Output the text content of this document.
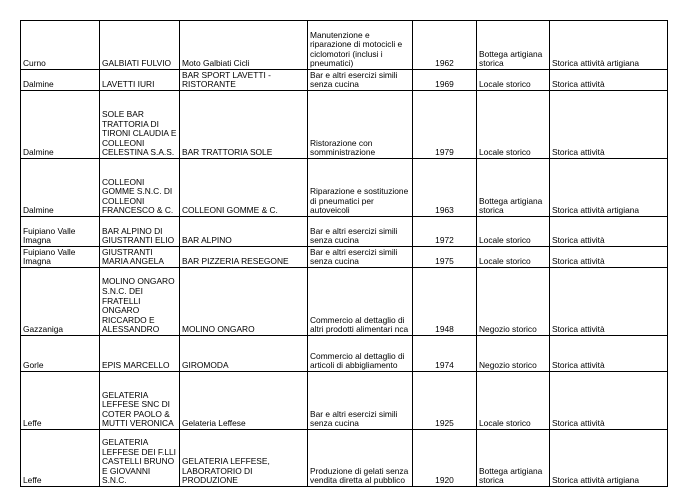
Curno	GALBIATI FULVIO	Moto Galbiati Cicli	Manutenzione e riparazione di motocicli e ciclomotori (inclusi i pneumatici)	1962	Bottega artigiana storica	Storica attività artigiana
Dalmine	LAVETTI IURI	BAR SPORT LAVETTI - RISTORANTE	Bar e altri esercizi simili senza cucina	1969	Locale storico	Storica attività
Dalmine	SOLE BAR TRATTORIA DI TIRONI CLAUDIA E COLLEONI CELESTINA S.A.S.	BAR TRATTORIA SOLE	Ristorazione con somministrazione	1979	Locale storico	Storica attività
Dalmine	COLLEONI GOMME S.N.C. DI COLLEONI FRANCESCO & C.	COLLEONI GOMME & C.	Riparazione e sostituzione di pneumatici per autoveicoli	1963	Bottega artigiana storica	Storica attività artigiana
Fuipiano Valle Imagna	BAR ALPINO DI GIUSTRANTI ELIO	BAR ALPINO	Bar e altri esercizi simili senza cucina	1972	Locale storico	Storica attività
Fuipiano Valle Imagna	GIUSTRANTI MARIA ANGELA	BAR PIZZERIA RESEGONE	Bar e altri esercizi simili senza cucina	1975	Locale storico	Storica attività
Gazzaniga	MOLINO ONGARO S.N.C. DEI FRATELLI ONGARO RICCARDO E ALESSANDRO	MOLINO ONGARO	Commercio al dettaglio di altri prodotti alimentari nca	1948	Negozio storico	Storica attività
Gorle	EPIS MARCELLO	GIROMODA	Commercio al dettaglio di articoli di abbigliamento	1974	Negozio storico	Storica attività
Leffe	GELATERIA LEFFESE SNC DI COTER PAOLO & MUTTI VERONICA	Gelateria Leffese	Bar e altri esercizi simili senza cucina	1925	Locale storico	Storica attività
Leffe	GELATERIA LEFFESE DEI F.LLI CASTELLI BRUNO E GIOVANNI S.N.C.	GELATERIA LEFFESE, LABORATORIO DI PRODUZIONE	Produzione di gelati senza vendita diretta al pubblico	1920	Bottega artigiana storica	Storica attività artigiana
